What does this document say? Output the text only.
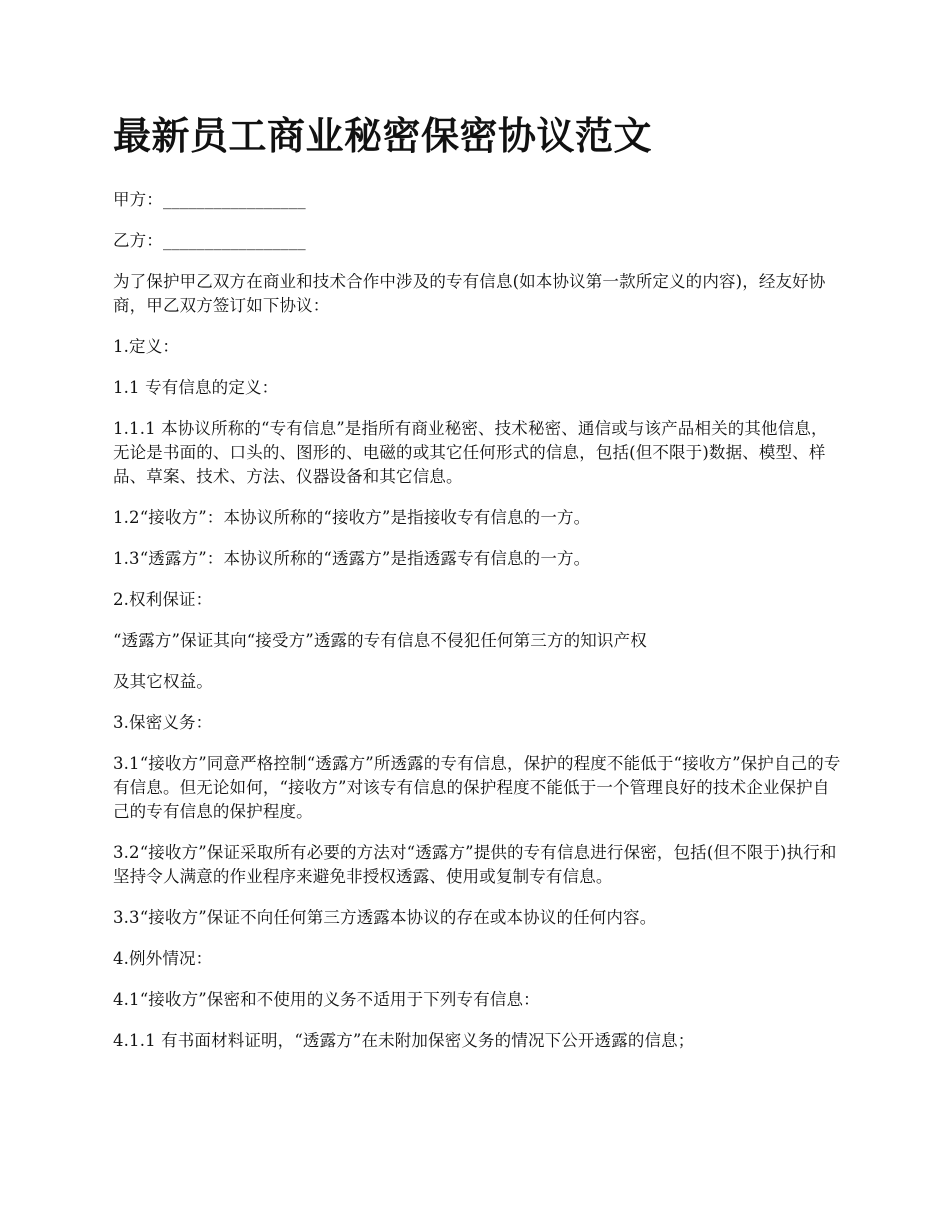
最新员工商业秘密保密协议范文

甲方：_________________

乙方：_________________

为了保护甲乙双方在商业和技术合作中涉及的专有信息(如本协议第一款所定义的内容)，经友好协商，甲乙双方签订如下协议：

1.定义：

1.1 专有信息的定义：

1.1.1 本协议所称的“专有信息”是指所有商业秘密、技术秘密、通信或与该产品相关的其他信息，无论是书面的、口头的、图形的、电磁的或其它任何形式的信息，包括(但不限于)数据、模型、样品、草案、技术、方法、仪器设备和其它信息。

1.2“接收方”：本协议所称的“接收方”是指接收专有信息的一方。

1.3“透露方”：本协议所称的“透露方”是指透露专有信息的一方。

2.权利保证：

“透露方”保证其向“接受方”透露的专有信息不侵犯任何第三方的知识产权

及其它权益。

3.保密义务：

3.1“接收方”同意严格控制“透露方”所透露的专有信息，保护的程度不能低于“接收方”保护自己的专有信息。但无论如何，“接收方”对该专有信息的保护程度不能低于一个管理良好的技术企业保护自己的专有信息的保护程度。

3.2“接收方”保证采取所有必要的方法对“透露方”提供的专有信息进行保密，包括(但不限于)执行和坚持令人满意的作业程序来避免非授权透露、使用或复制专有信息。

3.3“接收方”保证不向任何第三方透露本协议的存在或本协议的任何内容。

4.例外情况：

4.1“接收方”保密和不使用的义务不适用于下列专有信息：

4.1.1 有书面材料证明，“透露方”在未附加保密义务的情况下公开透露的信息；
